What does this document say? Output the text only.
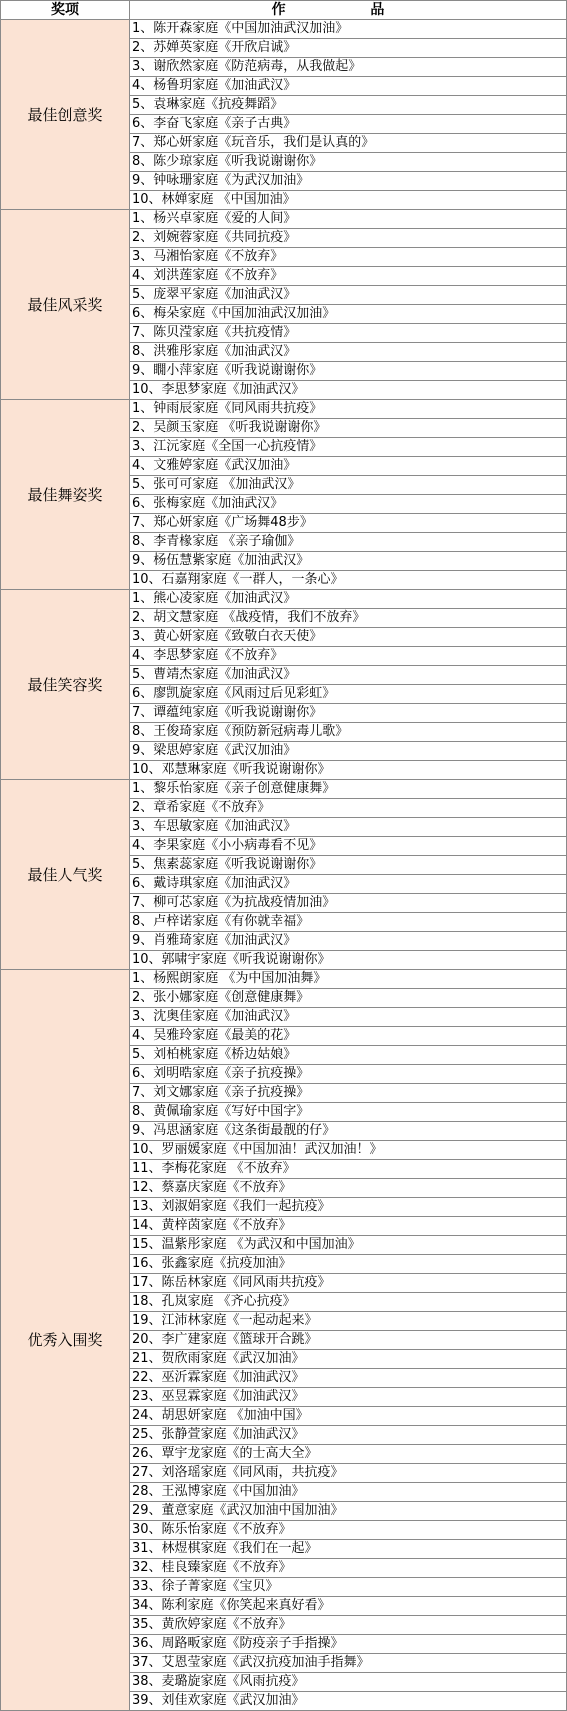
奖项	作 品
最佳创意奖	1、陈开森家庭《中国加油武汉加油》
	2、苏婵英家庭《开欣启诚》
	3、谢欣然家庭《防范病毒，从我做起》
	4、杨鲁玥家庭《加油武汉》
	5、袁琳家庭《抗疫舞蹈》
	6、李奋飞家庭《亲子古典》
	7、郑心妍家庭《玩音乐，我们是认真的》
	8、陈少琼家庭《听我说谢谢你》
	9、钟咏珊家庭《为武汉加油》
	10、林婵家庭 《中国加油》
最佳风采奖	1、杨兴卓家庭《爱的人间》
	2、刘婉蓉家庭《共同抗疫》
	3、马湘怡家庭《不放弃》
	4、刘洪莲家庭《不放弃》
	5、庞翠平家庭《加油武汉》
	6、梅朵家庭《中国加油武汉加油》
	7、陈贝滢家庭《共抗疫情》
	8、洪雅彤家庭《加油武汉》
	9、瞯小萍家庭《听我说谢谢你》
	10、李思梦家庭《加油武汉》
最佳舞姿奖	1、钟雨辰家庭《同风雨共抗疫》
	2、吴颜玉家庭 《听我说谢谢你》
	3、江沅家庭《全国一心抗疫情》
	4、文雅婷家庭《武汉加油》
	5、张可可家庭 《加油武汉》
	6、张梅家庭《加油武汉》
	7、郑心妍家庭《广场舞48步》
	8、李青椽家庭 《亲子瑜伽》
	9、杨伍慧紫家庭《加油武汉》
	10、石嘉翔家庭《一群人，一条心》
最佳笑容奖	1、熊心凌家庭《加油武汉》
	2、胡文慧家庭 《战疫情，我们不放弃》
	3、黄心妍家庭《致敬白衣天使》
	4、李思梦家庭《不放弃》
	5、曹靖杰家庭《加油武汉》
	6、廖凯旋家庭《风雨过后见彩虹》
	7、谭蕴纯家庭《听我说谢谢你》
	8、王俊琦家庭《预防新冠病毒儿歌》
	9、梁思婷家庭《武汉加油》
	10、邓慧琳家庭《听我说谢谢你》
最佳人气奖	1、黎乐怡家庭《亲子创意健康舞》
	2、章希家庭《不放弃》
	3、车思敏家庭《加油武汉》
	4、李果家庭《小小病毒看不见》
	5、焦素蕊家庭《听我说谢谢你》
	6、戴诗琪家庭《加油武汉》
	7、柳可芯家庭《为抗战疫情加油》
	8、卢梓诺家庭《有你就幸福》
	9、肖雅琦家庭《加油武汉》
	10、郭啸宇家庭《听我说谢谢你》
优秀入围奖	1、杨熙朗家庭 《为中国加油舞》
	2、张小娜家庭《创意健康舞》
	3、沈奥佳家庭《加油武汉》
	4、吴雅玲家庭《最美的花》
	5、刘柏桃家庭《桥边姑娘》
	6、刘明晧家庭《亲子抗疫操》
	7、刘文娜家庭《亲子抗疫操》
	8、黄佩瑜家庭《写好中国字》
	9、冯思涵家庭《这条街最靓的仔》
	10、罗丽媛家庭《中国加油！武汉加油！》
	11、李梅花家庭 《不放弃》
	12、蔡嘉庆家庭《不放弃》
	13、刘淑娟家庭《我们一起抗疫》
	14、黄梓茵家庭《不放弃》
	15、温紫彤家庭 《为武汉和中国加油》
	16、张鑫家庭《抗疫加油》
	17、陈岳林家庭《同风雨共抗疫》
	18、孔岚家庭 《齐心抗疫》
	19、江沛林家庭《一起动起来》
	20、李广建家庭《篮球开合跳》
	21、贺欣雨家庭《武汉加油》
	22、巫沂霖家庭《加油武汉》
	23、巫昱霖家庭《加油武汉》
	24、胡思妍家庭 《加油中国》
	25、张静萱家庭《加油武汉》
	26、覃宇龙家庭《的士高大全》
	27、刘洛瑶家庭《同风雨，共抗疫》
	28、王泓博家庭《中国加油》
	29、董意家庭《武汉加油中国加油》
	30、陈乐怡家庭《不放弃》
	31、林煜棋家庭《我们在一起》
	32、桂良臻家庭《不放弃》
	33、徐子菁家庭《宝贝》
	34、陈利家庭《你笑起来真好看》
	35、黄欣婷家庭《不放弃》
	36、周路畈家庭《防疫亲子手指操》
	37、艾恩莹家庭《武汉抗疫加油手指舞》
	38、麦璐旋家庭《风雨抗疫》
	39、刘佳欢家庭《武汉加油》
